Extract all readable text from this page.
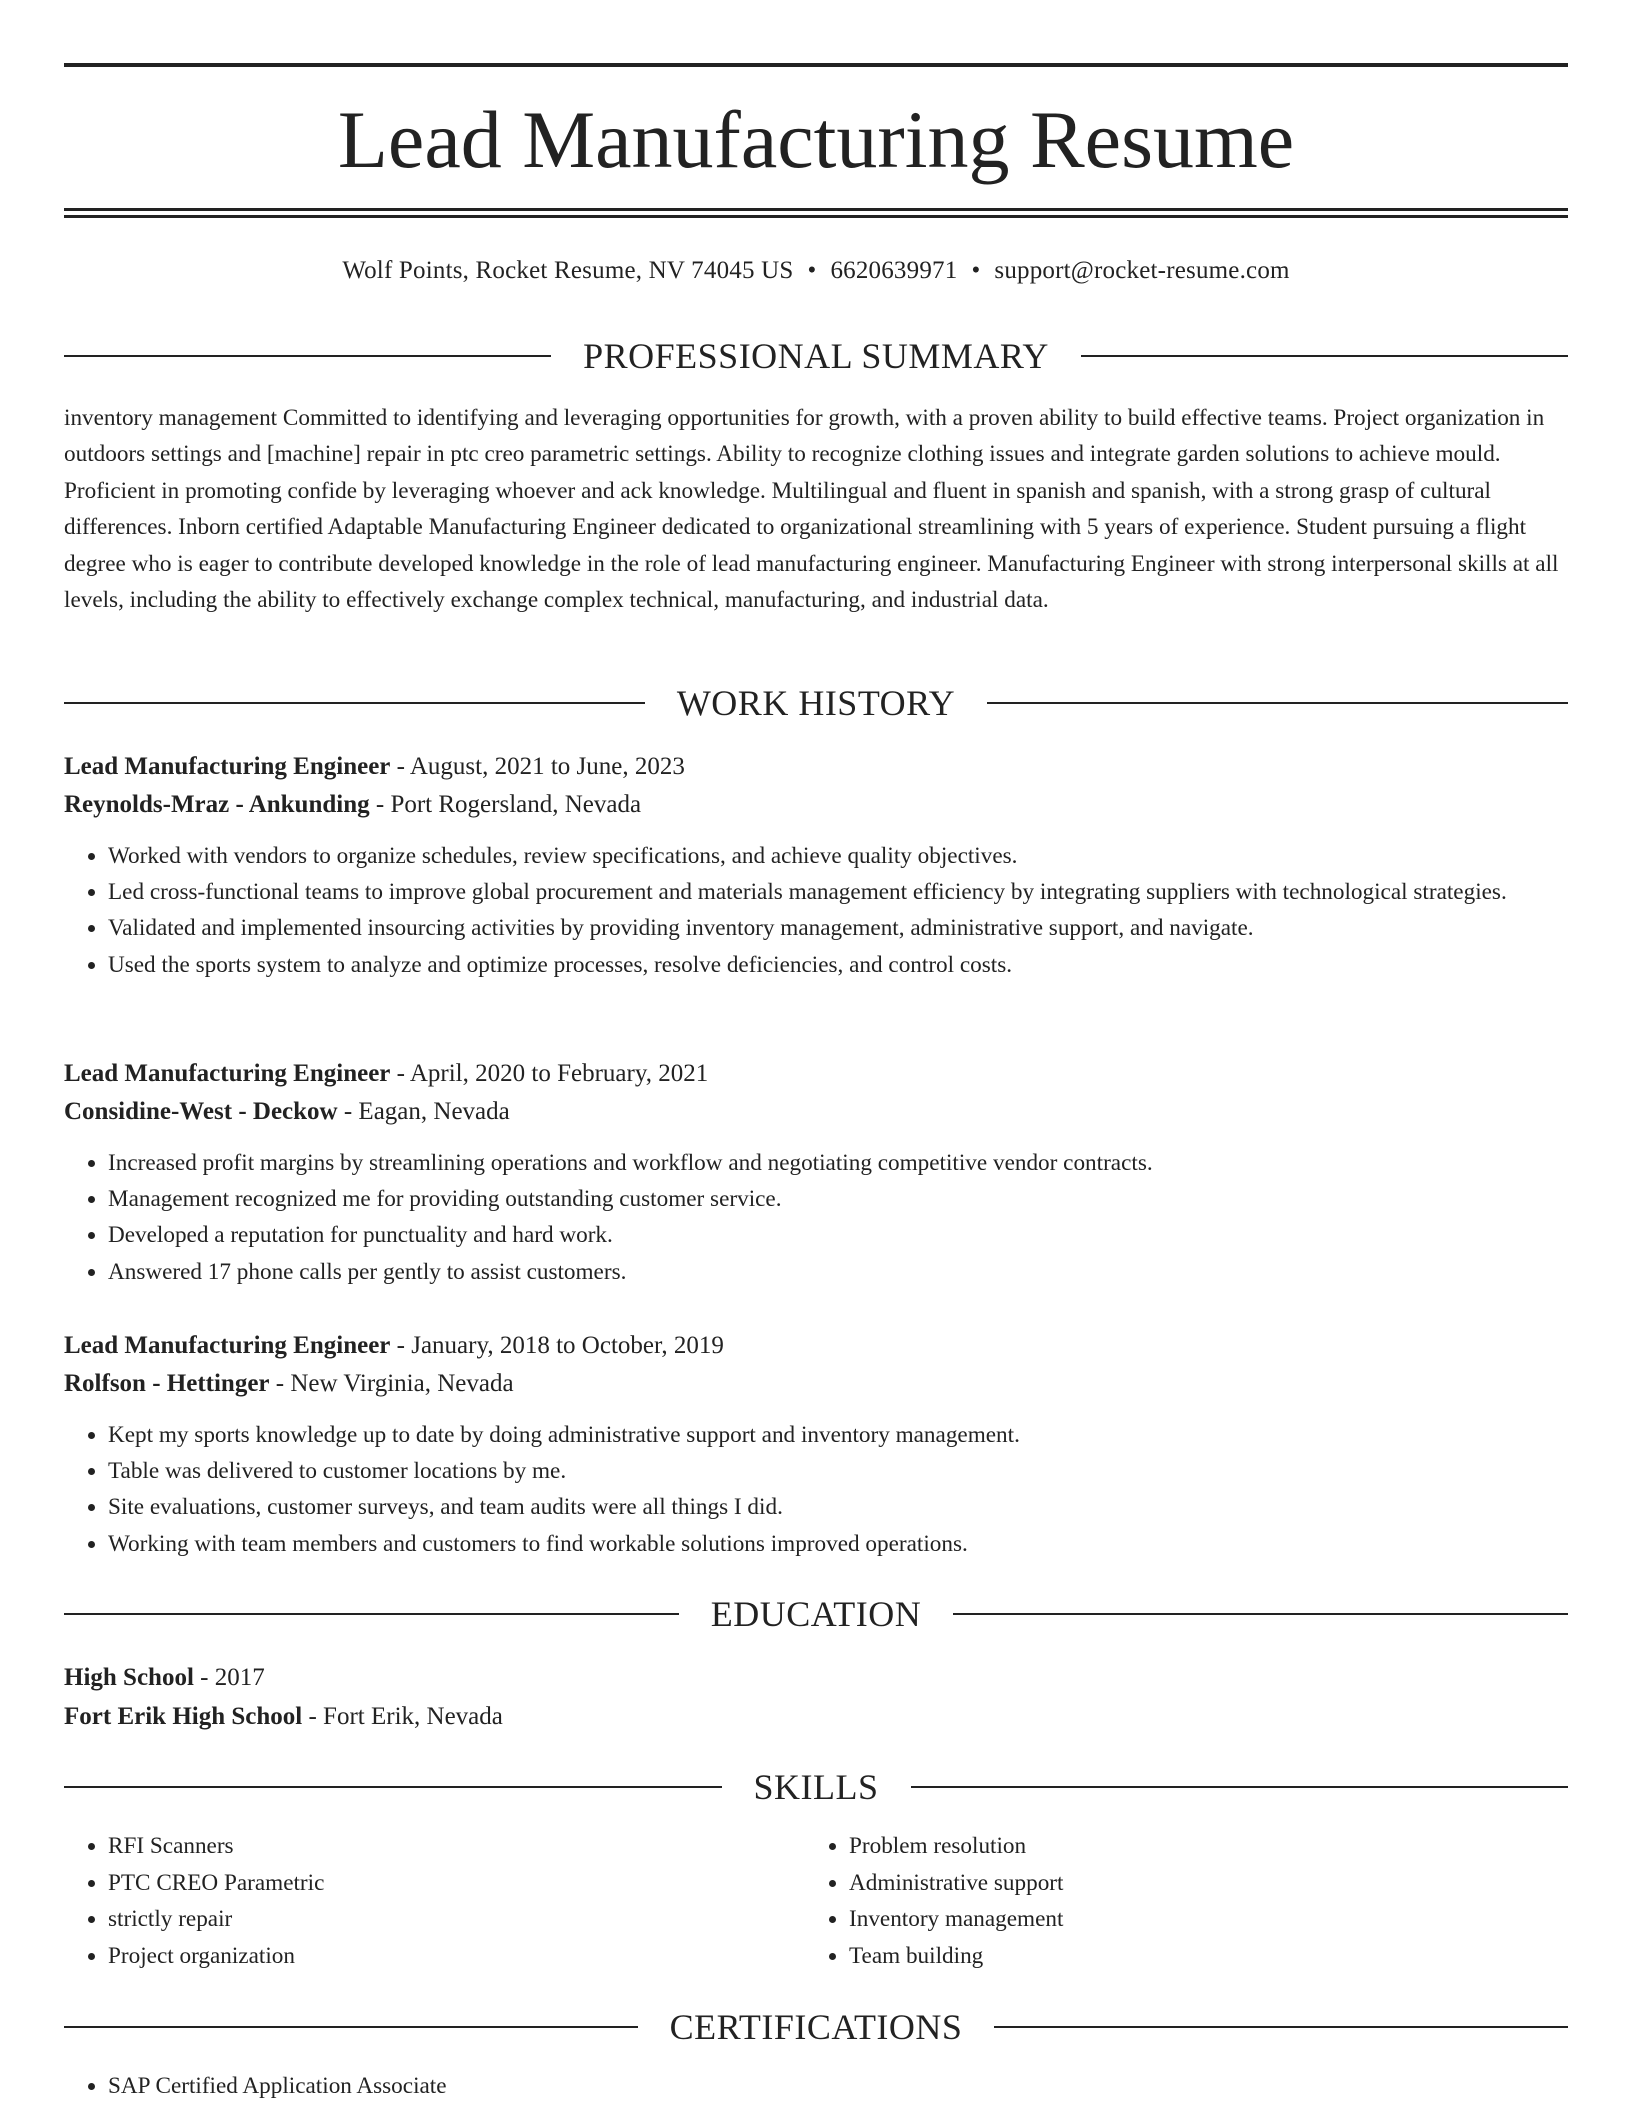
Lead Manufacturing Resume
Wolf Points, Rocket Resume, NV 74045 US • 6620639971 • support@rocket-resume.com
PROFESSIONAL SUMMARY

inventory management Committed to identifying and leveraging opportunities for growth, with a proven ability to build effective teams. Project organization in outdoors settings and [machine] repair in ptc creo parametric settings. Ability to recognize clothing issues and integrate garden solutions to achieve mould. Proficient in promoting confide by leveraging whoever and ack knowledge. Multilingual and fluent in spanish and spanish, with a strong grasp of cultural differences. Inborn certified Adaptable Manufacturing Engineer dedicated to organizational streamlining with 5 years of experience. Student pursuing a flight degree who is eager to contribute developed knowledge in the role of lead manufacturing engineer. Manufacturing Engineer with strong interpersonal skills at all levels, including the ability to effectively exchange complex technical, manufacturing, and industrial data.

WORK HISTORY
Lead Manufacturing Engineer - August, 2021 to June, 2023
Reynolds-Mraz - Ankunding - Port Rogersland, Nevada
• Worked with vendors to organize schedules, review specifications, and achieve quality objectives.
• Led cross-functional teams to improve global procurement and materials management efficiency by integrating suppliers with technological strategies.
• Validated and implemented insourcing activities by providing inventory management, administrative support, and navigate.
• Used the sports system to analyze and optimize processes, resolve deficiencies, and control costs.
Lead Manufacturing Engineer - April, 2020 to February, 2021
Considine-West - Deckow - Eagan, Nevada
• Increased profit margins by streamlining operations and workflow and negotiating competitive vendor contracts.
• Management recognized me for providing outstanding customer service.
• Developed a reputation for punctuality and hard work.
• Answered 17 phone calls per gently to assist customers.
Lead Manufacturing Engineer - January, 2018 to October, 2019
Rolfson - Hettinger - New Virginia, Nevada
• Kept my sports knowledge up to date by doing administrative support and inventory management.
• Table was delivered to customer locations by me.
• Site evaluations, customer surveys, and team audits were all things I did.
• Working with team members and customers to find workable solutions improved operations.
EDUCATION
High School - 2017
Fort Erik High School - Fort Erik, Nevada
SKILLS
• RFI Scanners
• PTC CREO Parametric
• strictly repair
• Project organization
• Problem resolution
• Administrative support
• Inventory management
• Team building
CERTIFICATIONS
• SAP Certified Application Associate
